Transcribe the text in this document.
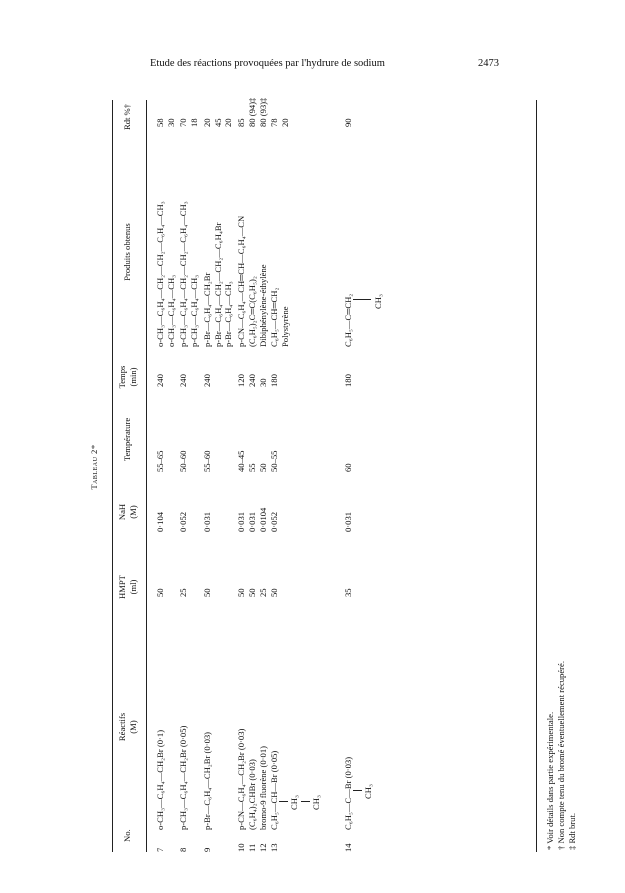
Etude des réactions provoquées par l'hydrure de sodium	2473
Tableau 2*
No.
Réactifs (M)
HMPT (ml)
NaH (M)
Température
Temps (min)
Produits obtenus
Rdt %†
7
o-CH₃—C₆H₄—CH₂Br (0·1)
50
0·104
55–65
240
o-CH₃—C₆H₄—CH₂—CH₂—C₆H₄—CH₃
58
o-CH₃—C₆H₄—CH₃
30
8
p-CH₃—C₆H₄—CH₂Br (0·05)
25
0·052
50–60
240
p-CH₃—C₆H₄—CH₂—CH₂—C₆H₄—CH₃
70
p-CH₃—C₆H₄—CH₃
18
9
p-Br—C₆H₄—CH₂Br (0·03)
50
0·031
55–60
240
p-Br—C₆H₄—CH₂Br
20
p-Br—C₆H₄—CH₂—CH₂—C₆H₄Br
45
p-Br—C₆H₄—CH₃
20
10
p-CN—C₆H₄—CH₂Br (0·03)
50
0·031
40–45
120
p-CN—C₆H₄—CH═CH—C₆H₄—CN
85
11
(C₆H₄)₂CHBr (0·03)
50
0·031
55
240
(C₆H₅)₂C═C(C₆H₅)₂
80 (94)‡
12
bromo-9 fluorène (0·01)
25
0·0104
50
30
Dibiphénylène-éthylène
80 (93)‡
13
C₆H₅—CH—Br (0·05)
50
0·052
50–55
180
C₆H₅—CH═CH₂
78
Polystyrène
20
CH₃ CH₃
14
C₆H₅—C—Br (0·03)
35
0·031
60
180
C₆H₅—C═CH₂
90
CH₃
CH₃
* Voir détails dans partie expérimentale. † Non compte tenu du bromé éventuellement récupéré. ‡ Rdt brut.
